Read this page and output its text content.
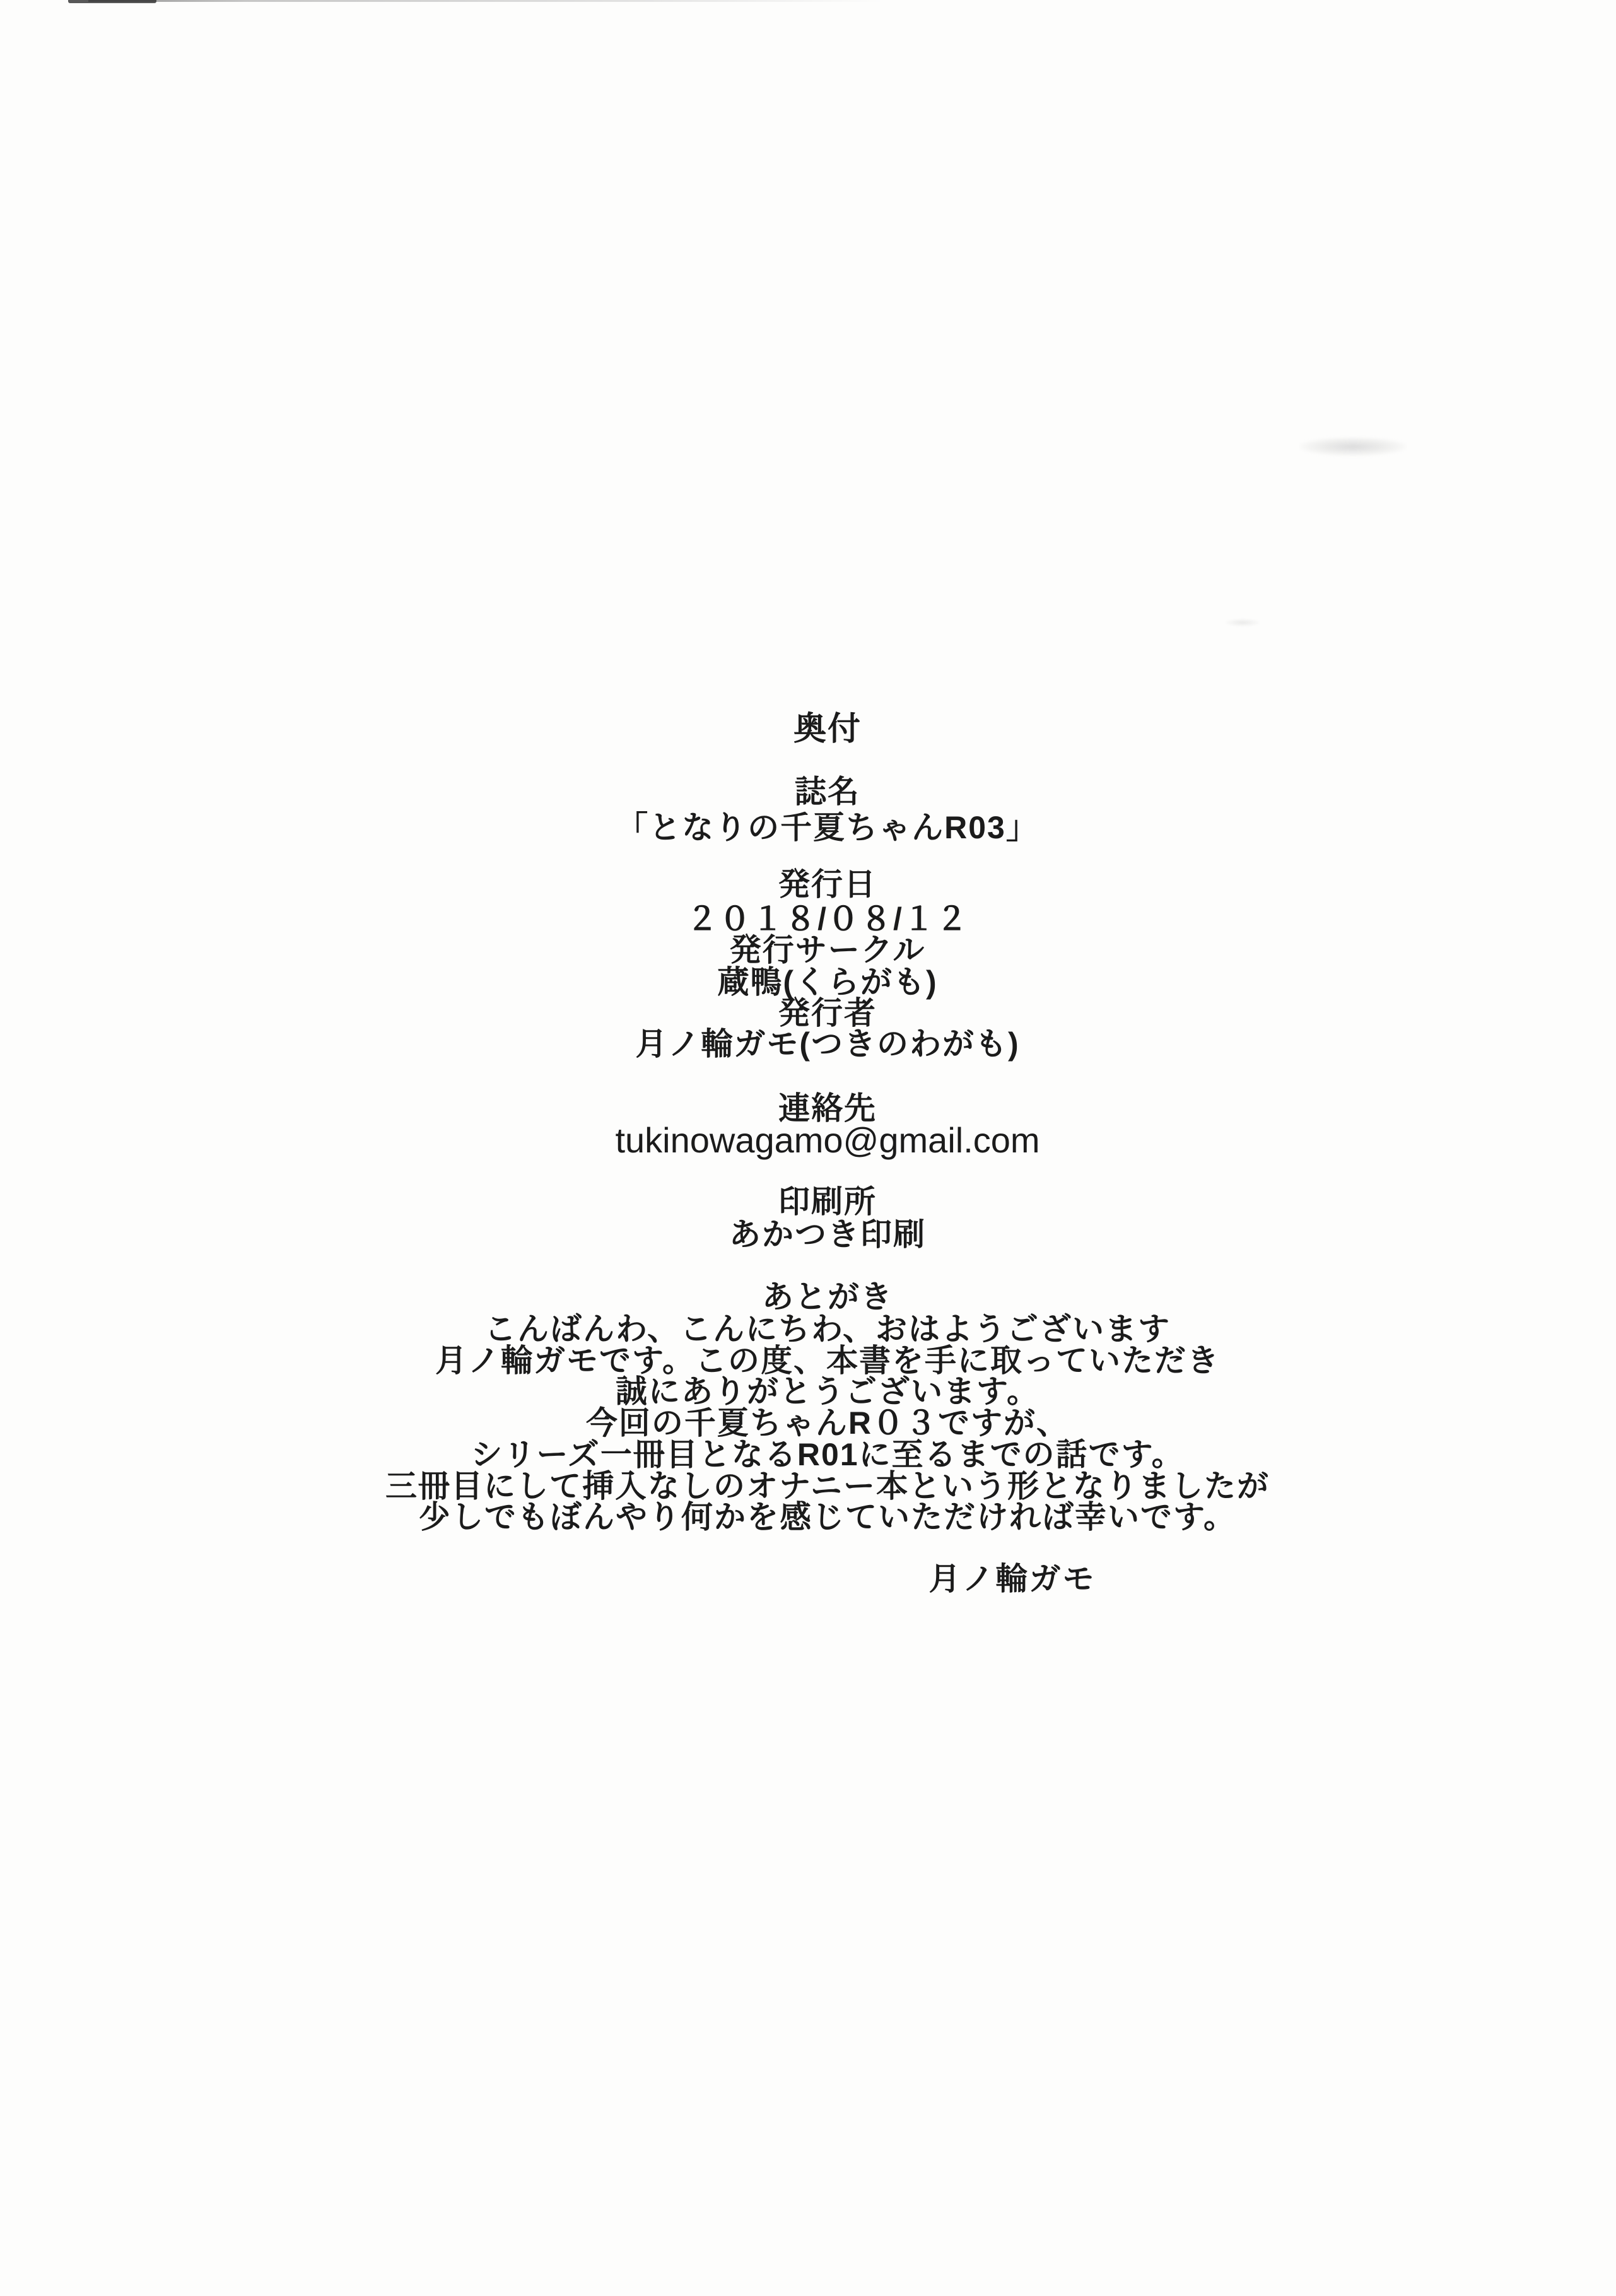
奥付
誌名
「となりの千夏ちゃんR03」
発行日
２０１８/０８/１２
発行サークル
蔵鴨(くらがも)
発行者
月ノ輪ガモ(つきのわがも)
連絡先
tukinowagamo@gmail.com
印刷所
あかつき印刷
あとがき
こんばんわ、こんにちわ、おはようございます
月ノ輪ガモです。この度、本書を手に取っていただき
誠にありがとうございます。
今回の千夏ちゃんR０３ですが、
シリーズ一冊目となるR01に至るまでの話です。
三冊目にして挿入なしのオナニー本という形となりましたが
少しでもぼんやり何かを感じていただければ幸いです。
月ノ輪ガモ
